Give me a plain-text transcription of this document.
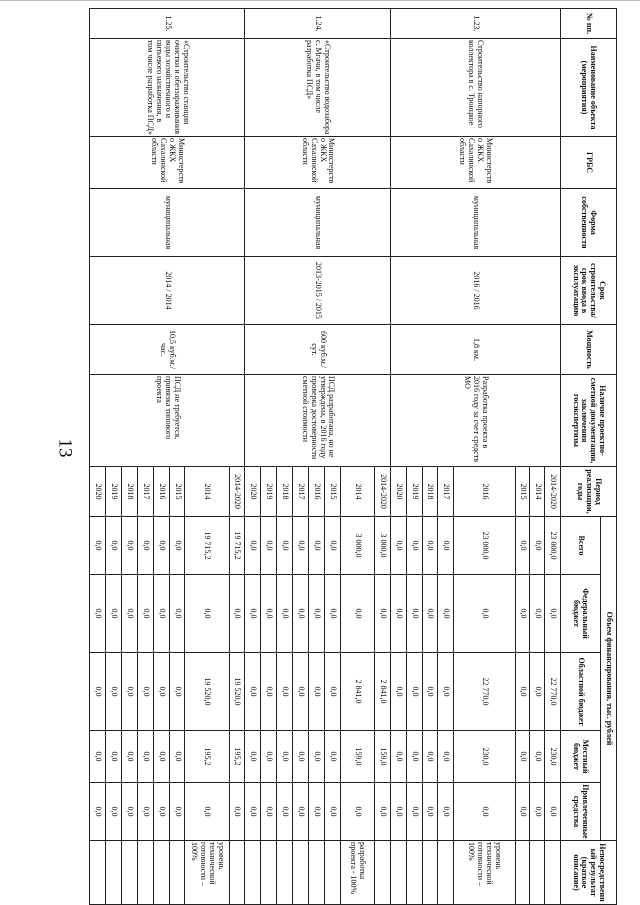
13
№ пп.	Наименование объекта (мероприятия)	ГРБС	Форма собственности	Срок строительства/срок ввода в эксплуатацию	Мощность	Наличие проектно-сметной документации, заключения госэкспертизы	Период реализации, годы	Объем финансирования, тыс. рублей					Непосредственный результат (краткое описание)
								Всего	Федеральный бюджет	Областной бюджет	Местный бюджет	Привлеченные средства	
1.23.	Строительство напорного коллектора в с. Троицкое	Министерство ЖКХ Сахалинской области	муниципальная	2016 / 2016	1,8 км.	Разработка проекта в 2016 году за счет средств МО	2014-2020	23 000,0	0,0	22 770,0	230,0	0,0	
							2014	0,0	0,0	0,0	0,0	0,0	
							2015	0,0	0,0	0,0	0,0	0,0	
							2016	23 000,0	0,0	22 770,0	230,0	0,0	уровень технической готовности – 100%
							2017	0,0	0,0	0,0	0,0	0,0	
							2018	0,0	0,0	0,0	0,0	0,0	
							2019	0,0	0,0	0,0	0,0	0,0	
							2020	0,0	0,0	0,0	0,0	0,0	
1.24.	«Строительство водозабора с. Мгачи, в том числе разработка ПСД»	Министерство ЖКХ Сахалинской области	муниципальная	2013-2015 / 2015	600 куб.м./сут.	ПСД разработана, но не утверждена, в 2016 году проверка достоверности сметной стоимости	2014-2020	3 000,0	0,0	2 841,0	159,0	0,0	
							2014	3 000,0	0,0	2 841,0	159,0	0,0	разработка проекта - 100%
							2015	0,0	0,0	0,0	0,0	0,0	
							2016	0,0	0,0	0,0	0,0	0,0	
							2017	0,0	0,0	0,0	0,0	0,0	
							2018	0,0	0,0	0,0	0,0	0,0	
							2019	0,0	0,0	0,0	0,0	0,0	
							2020	0,0	0,0	0,0	0,0	0,0	
1.25.	«Строительство станции очистки и обеззараживания воды хозяйственного и питьевого назначения, в том числе разработка ПСД»	Министерство ЖКХ Сахалинской области	муниципальная	2014 / 2014	10,5 куб.м./час.	ПСД не требуется, привязка типового проекта	2014-2020	19 715,2	0,0	19 520,0	195,2	0,0	
							2014	19 715,2	0,0	19 520,0	195,2	0,0	уровень технической готовности – 100%
							2015	0,0	0,0	0,0	0,0	0,0	
							2016	0,0	0,0	0,0	0,0	0,0	
							2017	0,0	0,0	0,0	0,0	0,0	
							2018	0,0	0,0	0,0	0,0	0,0	
							2019	0,0	0,0	0,0	0,0	0,0	
							2020	0,0	0,0	0,0	0,0	0,0	
